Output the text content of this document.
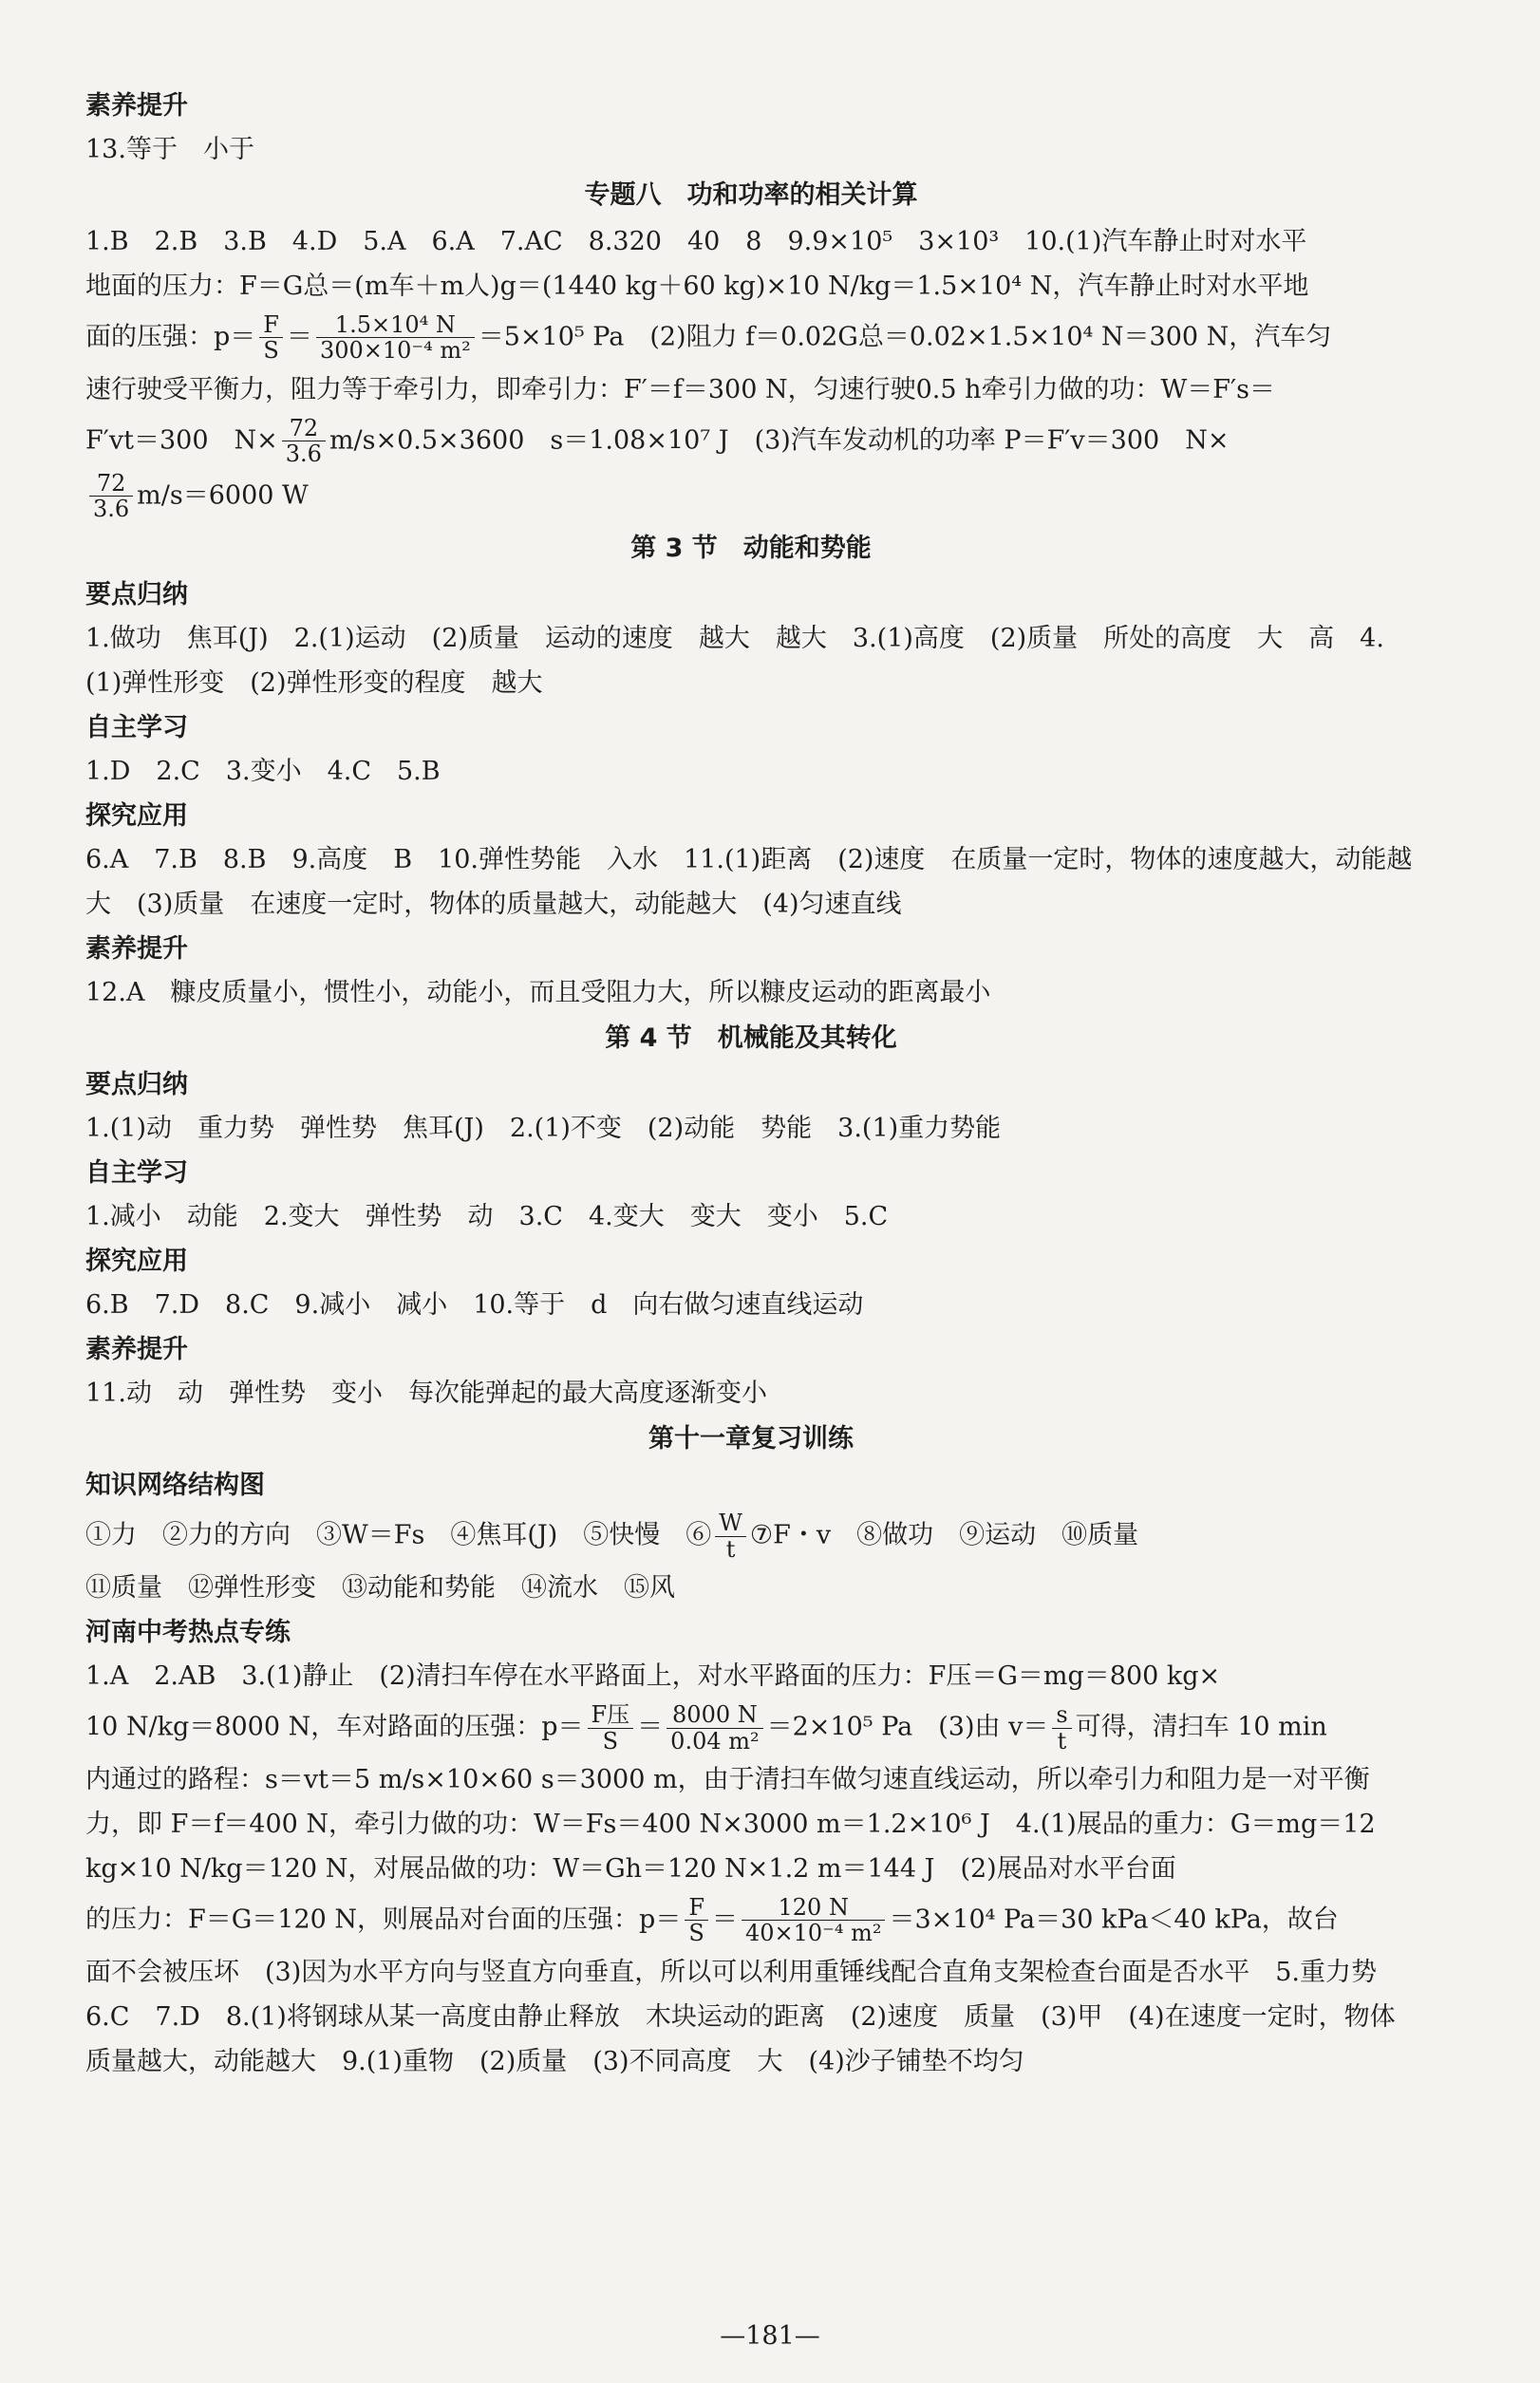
素养提升

13.等于　小于

专题八　功和功率的相关计算

1.B　2.B　3.B　4.D　5.A　6.A　7.AC　8.320　40　8　9.9×10⁵　3×10³　10.(1)汽车静止时对水平

地面的压力：F＝G总＝(m车＋m人)g＝(1440 kg＋60 kg)×10 N/kg＝1.5×10⁴ N，汽车静止时对水平地

面的压强：$p= \frac{F}{S} = \frac{\text{1.5×10⁴ N}}{\text{300×10⁻⁴ m²}} =5\times 10^5$ Pa　(2)阻力 f＝0.02G总＝0.02×1.5×10⁴ N＝300 N，汽车匀

速行驶受平衡力，阻力等于牵引力，即牵引力：F′＝f＝300 N，匀速行驶0.5 h牵引力做的功：W＝F′s＝

F′vt＝300　$N\times \frac{72}{3.6} m/s\times 0.5\times 3600$　s＝1.08×10⁷ J　(3)汽车发动机的功率 P＝F′v＝300　N×

$\frac{72}{3.6} m/s=6000$ W

第 3 节　动能和势能
要点归纳

1.做功　焦耳(J)　2.(1)运动　(2)质量　运动的速度　越大　越大　3.(1)高度　(2)质量　所处的高度　大　高　4.(1)弹性形变　(2)弹性形变的程度　越大

自主学习

1.D　2.C　3.变小　4.C　5.B

探究应用

6.A　7.B　8.B　9.高度　B　10.弹性势能　入水　11.(1)距离　(2)速度　在质量一定时，物体的速度越大，动能越大　(3)质量　在速度一定时，物体的质量越大，动能越大　(4)匀速直线

素养提升

12.A　糠皮质量小，惯性小，动能小，而且受阻力大，所以糠皮运动的距离最小

第 4 节　机械能及其转化
要点归纳

1.(1)动　重力势　弹性势　焦耳(J)　2.(1)不变　(2)动能　势能　3.(1)重力势能

自主学习

1.减小　动能　2.变大　弹性势　动　3.C　4.变大　变大　变小　5.C

探究应用

6.B　7.D　8.C　9.减小　减小　10.等于　d　向右做匀速直线运动

素养提升

11.动　动　弹性势　变小　每次能弹起的最大高度逐渐变小

第十一章复习训练
知识网络结构图

①力　②力的方向　③W＝Fs　④焦耳(J)　⑤快慢　⑥ $\frac{W}{t}$ ⑦F・v　⑧做功　⑨运动　⑩质量

⑪质量　⑫弹性形变　⑬动能和势能　⑭流水　⑮风

河南中考热点专练

1.A　2.AB　3.(1)静止　(2)清扫车停在水平路面上，对水平路面的压力：F压＝G＝mg＝800 kg×

10 N/kg＝8000 N，车对路面的压强：$p= \frac{\text{F压}}{S} = \frac{8000 N}{\text{0.04 m²}} =2\times 10^5$ Pa　(3)由 $v= \frac{s}{t}$ 可得，清扫车 10 min

内通过的路程：s＝vt＝5 m/s×10×60 s＝3000 m，由于清扫车做匀速直线运动，所以牵引力和阻力是一对平衡力，即 F＝f＝400 N，牵引力做的功：W＝Fs＝400 N×3000 m＝1.2×10⁶ J　4.(1)展品的重力：G＝mg＝12 kg×10 N/kg＝120 N，对展品做的功：W＝Gh＝120 N×1.2 m＝144 J　(2)展品对水平台面

的压力：F＝G＝120 N，则展品对台面的压强：$p= \frac{F}{S} = \frac{120 N}{\text{40×10⁻⁴ m²}} =3\times 10^4$ Pa＝30 kPa＜40 kPa，故台

面不会被压坏　(3)因为水平方向与竖直方向垂直，所以可以利用重锤线配合直角支架检查台面是否水平　5.重力势　6.C　7.D　8.(1)将钢球从某一高度由静止释放　木块运动的距离　(2)速度　质量　(3)甲　(4)在速度一定时，物体质量越大，动能越大　9.(1)重物　(2)质量　(3)不同高度　大　(4)沙子铺垫不均匀

—181—
